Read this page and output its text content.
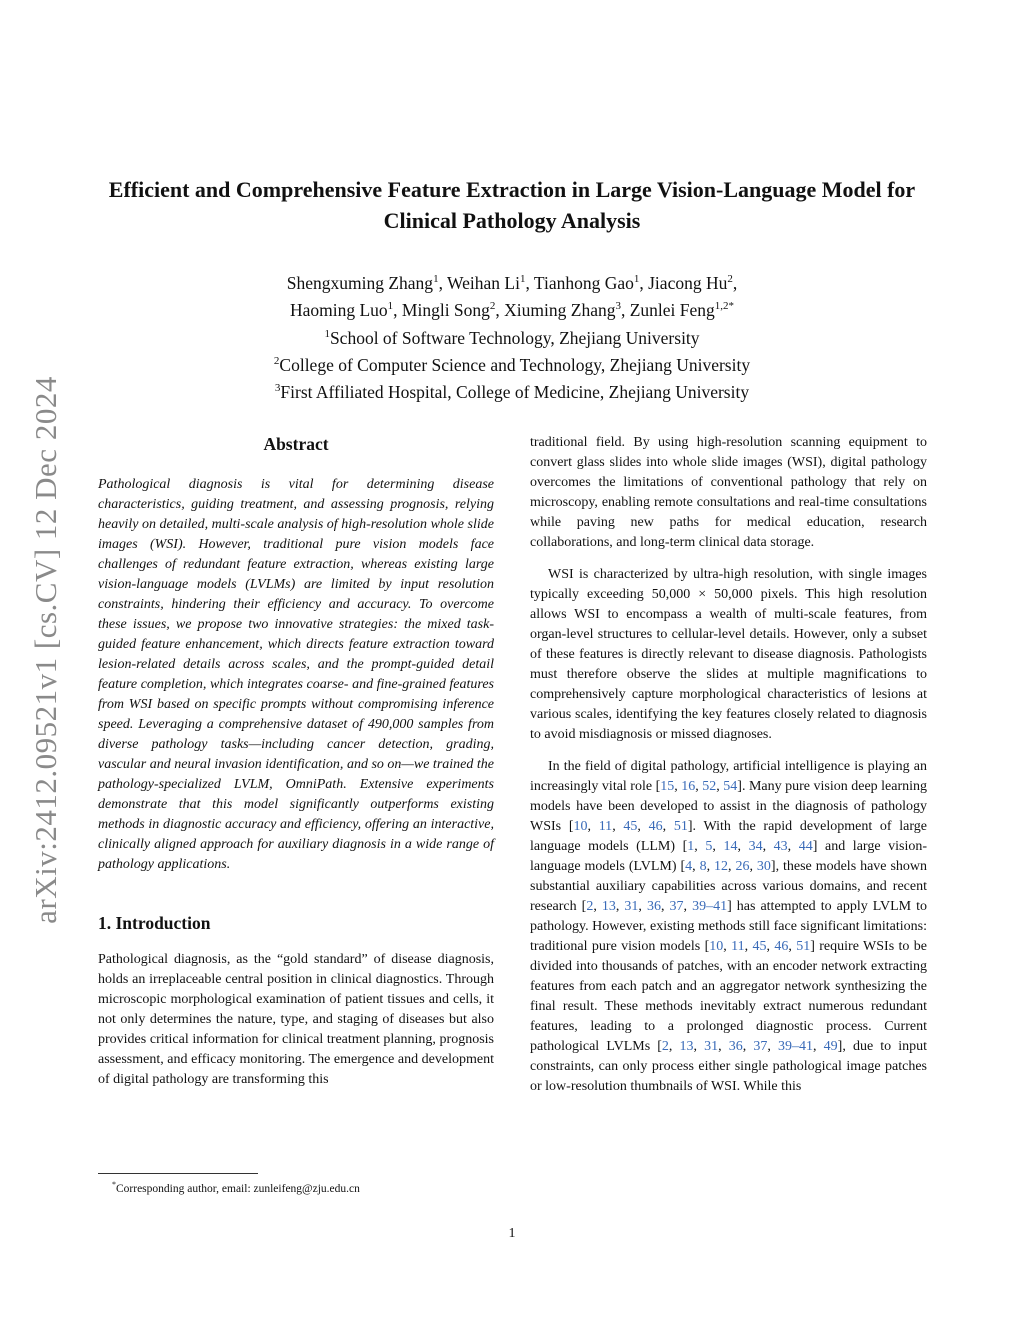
arXiv:2412.09521v1 [cs.CV] 12 Dec 2024
Efficient and Comprehensive Feature Extraction in Large Vision-Language Model for Clinical Pathology Analysis
Shengxuming Zhang$^1$, Weihan Li$^1$, Tianhong Gao$^1$, Jiacong Hu$^2$,
Haoming Luo$^1$, Mingli Song$^2$, Xiuming Zhang$^3$, Zunlei Feng$^{1,2*}$
$^1$School of Software Technology, Zhejiang University
$^2$College of Computer Science and Technology, Zhejiang University
$^3$First Affiliated Hospital, College of Medicine, Zhejiang University
Abstract

Pathological diagnosis is vital for determining disease characteristics, guiding treatment, and assessing prognosis, relying heavily on detailed, multi-scale analysis of high-resolution whole slide images (WSI). However, traditional pure vision models face challenges of redundant feature extraction, whereas existing large vision-language models (LVLMs) are limited by input resolution constraints, hindering their efficiency and accuracy. To overcome these issues, we propose two innovative strategies: the mixed task-guided feature enhancement, which directs feature extraction toward lesion-related details across scales, and the prompt-guided detail feature completion, which integrates coarse- and fine-grained features from WSI based on specific prompts without compromising inference speed. Leveraging a comprehensive dataset of 490,000 samples from diverse pathology tasks—including cancer detection, grading, vascular and neural invasion identification, and so on—we trained the pathology-specialized LVLM, OmniPath. Extensive experiments demonstrate that this model significantly outperforms existing methods in diagnostic accuracy and efficiency, offering an interactive, clinically aligned approach for auxiliary diagnosis in a wide range of pathology applications.

1. Introduction

Pathological diagnosis, as the “gold standard” of disease diagnosis, holds an irreplaceable central position in clinical diagnostics. Through microscopic morphological examination of patient tissues and cells, it not only determines the nature, type, and staging of diseases but also provides critical information for clinical treatment planning, prognosis assessment, and efficacy monitoring. The emergence and development of digital pathology are transforming this

traditional field. By using high-resolution scanning equipment to convert glass slides into whole slide images (WSI), digital pathology overcomes the limitations of conventional pathology that rely on microscopy, enabling remote consultations and real-time consultations while paving new paths for medical education, research collaborations, and long-term clinical data storage.

WSI is characterized by ultra-high resolution, with single images typically exceeding 50,000 × 50,000 pixels. This high resolution allows WSI to encompass a wealth of multi-scale features, from organ-level structures to cellular-level details. However, only a subset of these features is directly relevant to disease diagnosis. Pathologists must therefore observe the slides at multiple magnifications to comprehensively capture morphological characteristics of lesions at various scales, identifying the key features closely related to diagnosis to avoid misdiagnosis or missed diagnoses.

In the field of digital pathology, artificial intelligence is playing an increasingly vital role [15, 16, 52, 54]. Many pure vision deep learning models have been developed to assist in the diagnosis of pathology WSIs [10, 11, 45, 46, 51]. With the rapid development of large language models (LLM) [1, 5, 14, 34, 43, 44] and large vision-language models (LVLM) [4, 8, 12, 26, 30], these models have shown substantial auxiliary capabilities across various domains, and recent research [2, 13, 31, 36, 37, 39–41] has attempted to apply LVLM to pathology. However, existing methods still face significant limitations: traditional pure vision models [10, 11, 45, 46, 51] require WSIs to be divided into thousands of patches, with an encoder network extracting features from each patch and an aggregator network synthesizing the final result. These methods inevitably extract numerous redundant features, leading to a prolonged diagnostic process. Current pathological LVLMs [2, 13, 31, 36, 37, 39–41, 49], due to input constraints, can only process either single pathological image patches or low-resolution thumbnails of WSI. While this

*Corresponding author, email: zunleifeng@zju.edu.cn
1
